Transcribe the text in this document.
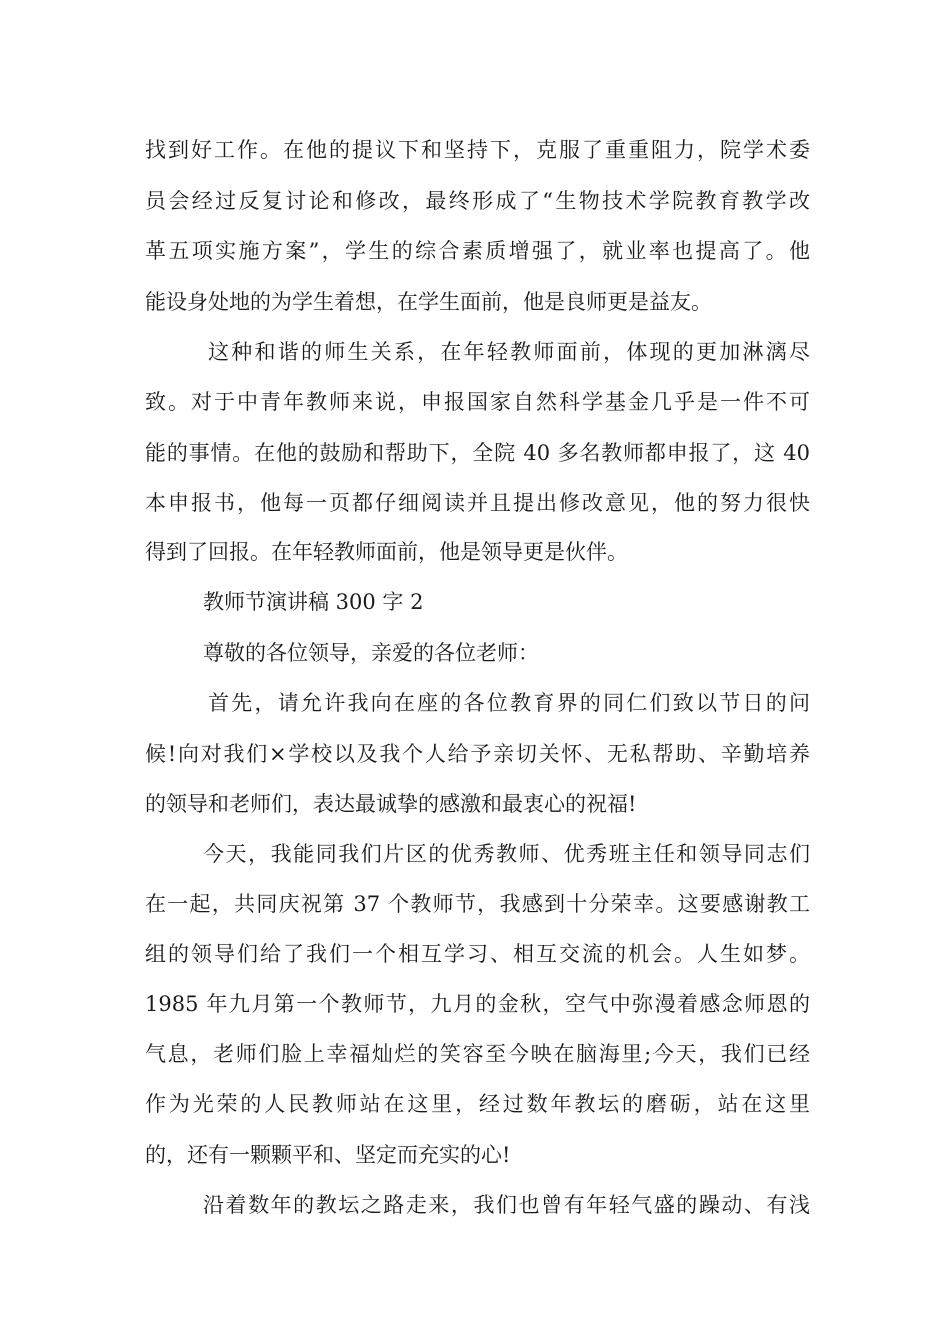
找到好工作。在他的提议下和坚持下，克服了重重阻力，院学术委
员会经过反复讨论和修改，最终形成了“生物技术学院教育教学改
革五项实施方案”，学生的综合素质增强了，就业率也提高了。他
能设身处地的为学生着想，在学生面前，他是良师更是益友。
这种和谐的师生关系，在年轻教师面前，体现的更加淋漓尽
致。对于中青年教师来说，申报国家自然科学基金几乎是一件不可
能的事情。在他的鼓励和帮助下，全院 40 多名教师都申报了，这 40
本申报书，他每一页都仔细阅读并且提出修改意见，他的努力很快
得到了回报。在年轻教师面前，他是领导更是伙伴。
教师节演讲稿 300 字 2
尊敬的各位领导，亲爱的各位老师：
首先，请允许我向在座的各位教育界的同仁们致以节日的问
候!向对我们×学校以及我个人给予亲切关怀、无私帮助、辛勤培养
的领导和老师们，表达最诚挚的感激和最衷心的祝福!
今天，我能同我们片区的优秀教师、优秀班主任和领导同志们
在一起，共同庆祝第 37 个教师节，我感到十分荣幸。这要感谢教工
组的领导们给了我们一个相互学习、相互交流的机会。人生如梦。
1985 年九月第一个教师节，九月的金秋，空气中弥漫着感念师恩的
气息，老师们脸上幸福灿烂的笑容至今映在脑海里;今天，我们已经
作为光荣的人民教师站在这里，经过数年教坛的磨砺，站在这里
的，还有一颗颗平和、坚定而充实的心!
沿着数年的教坛之路走来，我们也曾有年轻气盛的躁动、有浅
